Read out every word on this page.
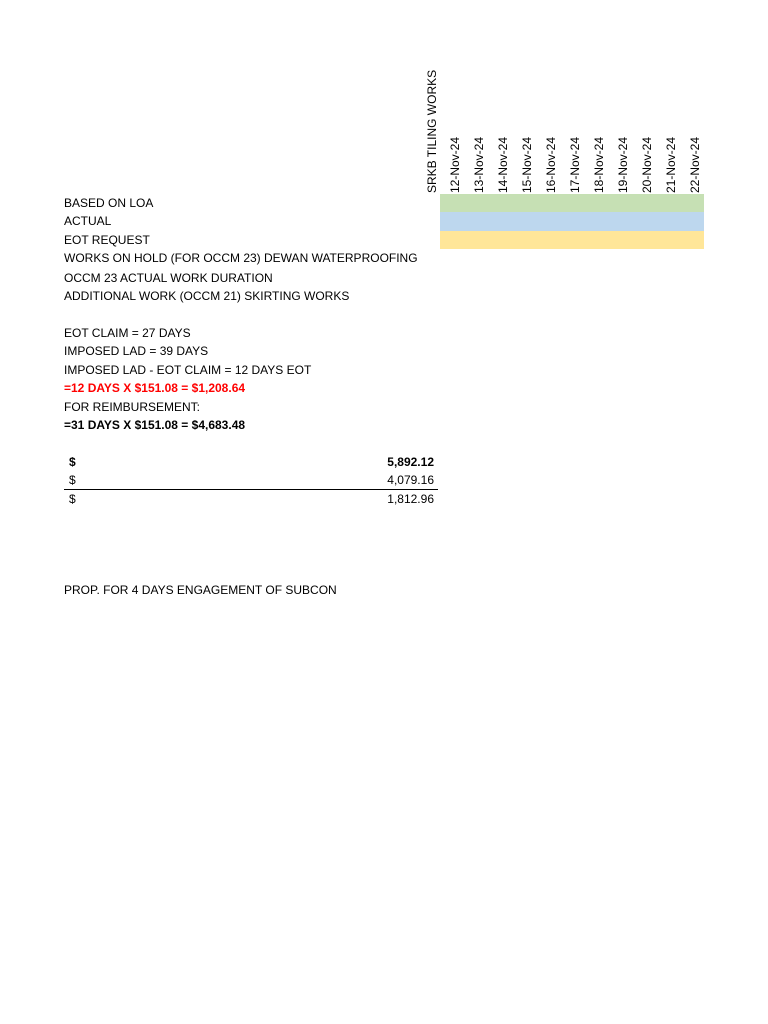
SRKB TILING WORKS 12-Nov-24 13-Nov-24 14-Nov-24 15-Nov-24 16-Nov-24 17-Nov-24 18-Nov-24 19-Nov-24 20-Nov-24 21-Nov-24 22-Nov-24
BASED ON LOA
ACTUAL
EOT REQUEST
WORKS ON HOLD (FOR OCCM 23) DEWAN WATERPROOFING
OCCM 23 ACTUAL WORK DURATION
ADDITIONAL WORK (OCCM 21) SKIRTING WORKS
EOT CLAIM = 27 DAYS
IMPOSED LAD = 39 DAYS
IMPOSED LAD - EOT CLAIM = 12 DAYS EOT
=12 DAYS X $151.08 = $1,208.64
FOR REIMBURSEMENT:
=31 DAYS X $151.08 = $4,683.48
$	5,892.12
$	4,079.16
$	1,812.96
PROP. FOR 4 DAYS ENGAGEMENT OF SUBCON
